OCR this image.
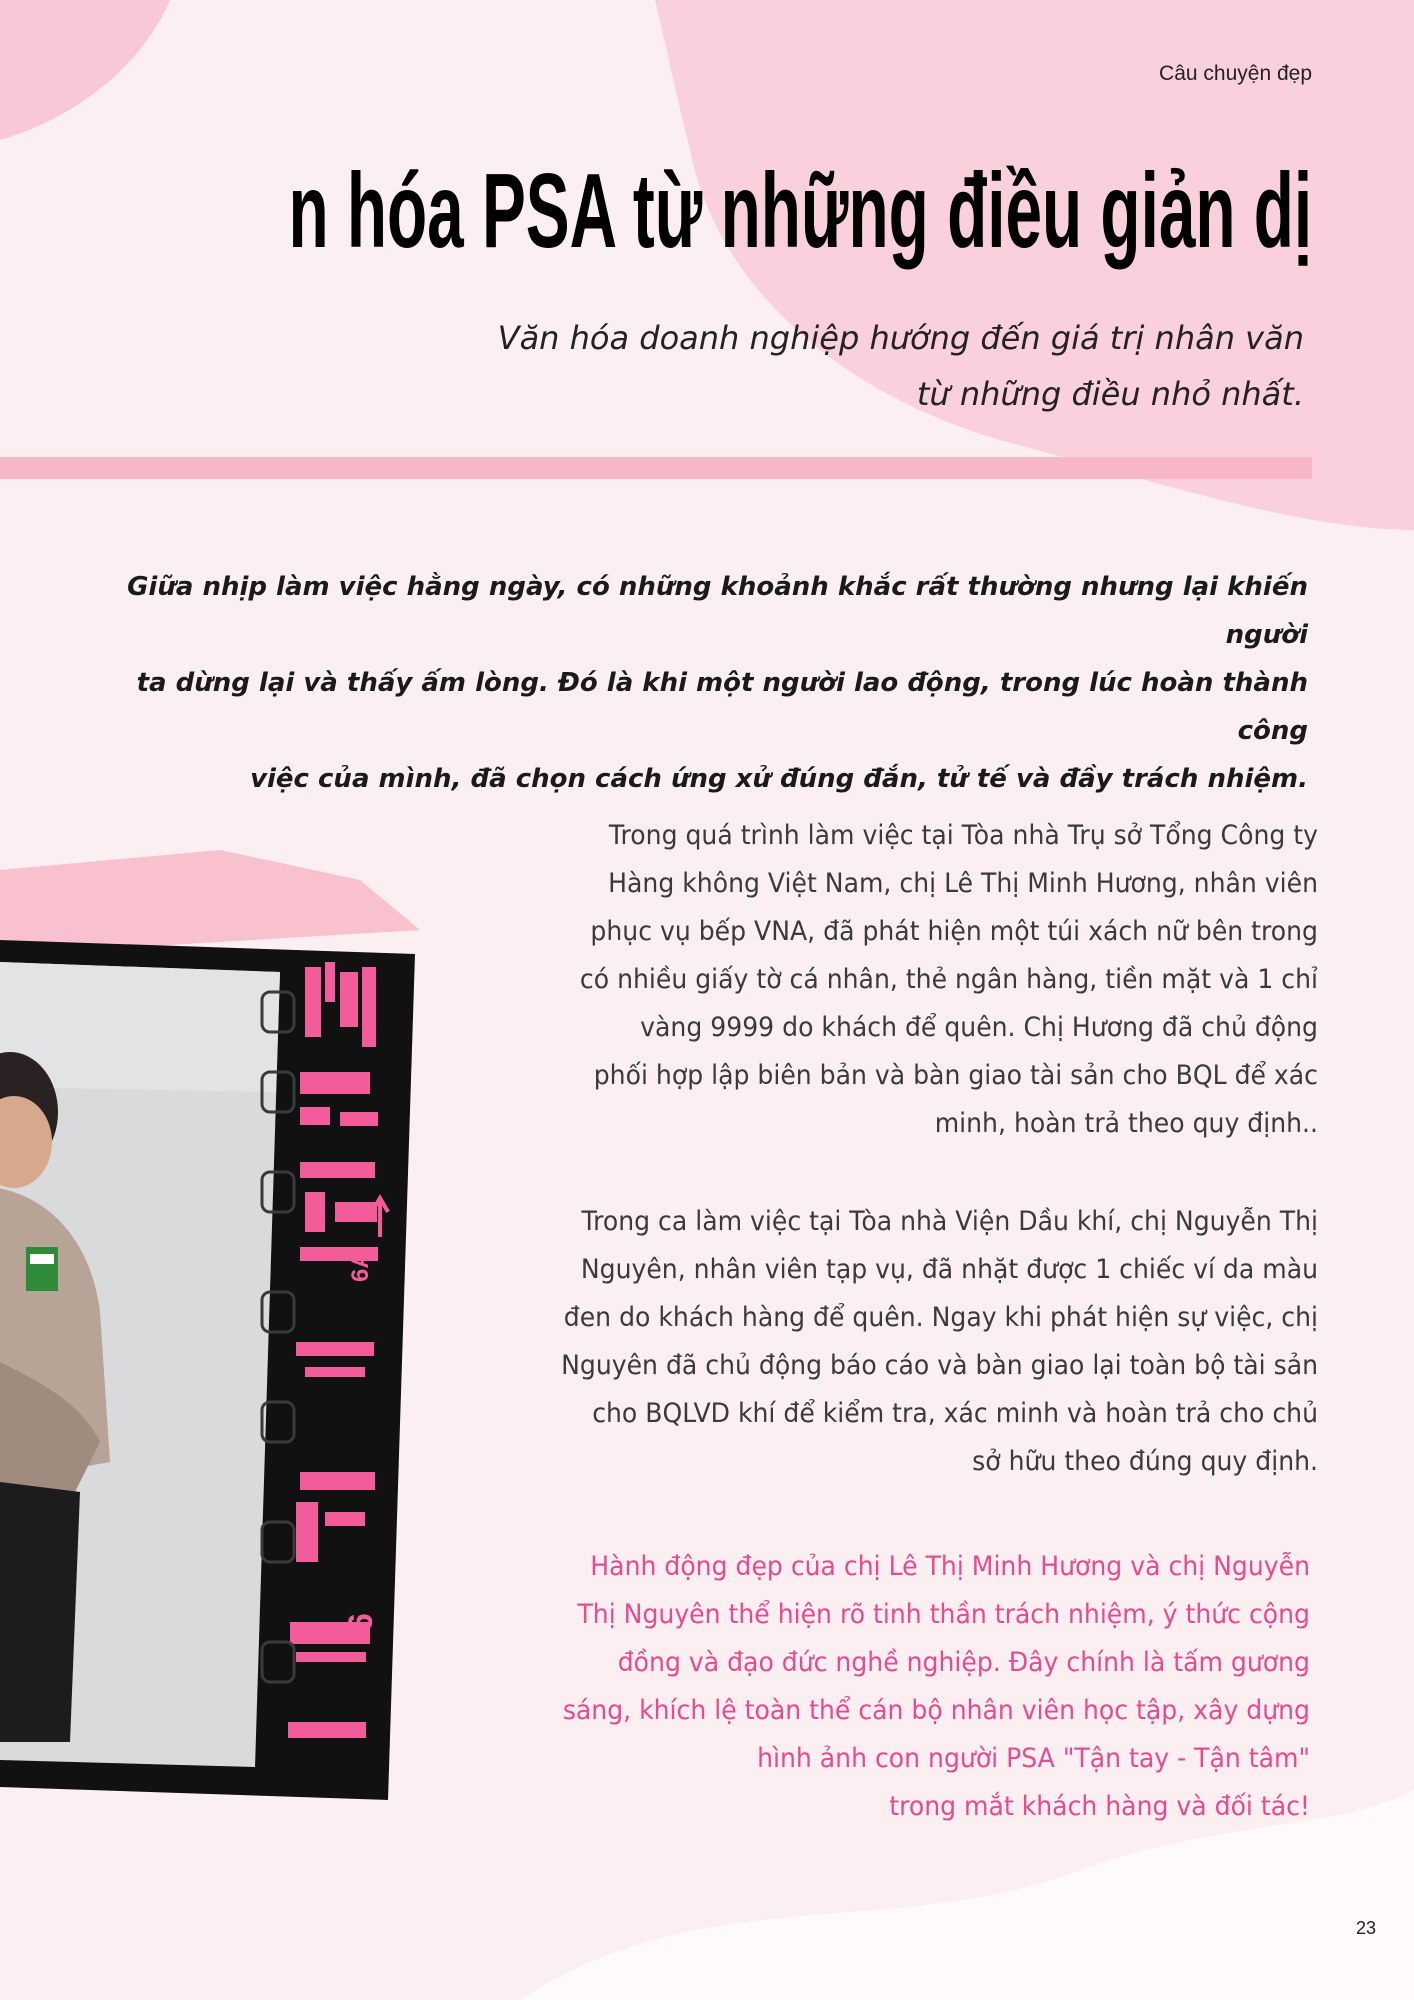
Câu chuyện đẹp
n hóa PSA từ những điều giản dị
Văn hóa doanh nghiệp hướng đến giá trị nhân văn
từ những điều nhỏ nhất.
Giữa nhịp làm việc hằng ngày, có những khoảnh khắc rất thường nhưng lại khiến người
ta dừng lại và thấy ấm lòng. Đó là khi một người lao động, trong lúc hoàn thành công
việc của mình, đã chọn cách ứng xử đúng đắn, tử tế và đầy trách nhiệm.
6A
6
Trong quá trình làm việc tại Tòa nhà Trụ sở Tổng Công ty
Hàng không Việt Nam, chị Lê Thị Minh Hương, nhân viên
phục vụ bếp VNA, đã phát hiện một túi xách nữ bên trong
có nhiều giấy tờ cá nhân, thẻ ngân hàng, tiền mặt và 1 chỉ
vàng 9999 do khách để quên. Chị Hương đã chủ động
phối hợp lập biên bản và bàn giao tài sản cho BQL để xác
minh, hoàn trả theo quy định..
Trong ca làm việc tại Tòa nhà Viện Dầu khí, chị Nguyễn Thị
Nguyên, nhân viên tạp vụ, đã nhặt được 1 chiếc ví da màu
đen do khách hàng để quên. Ngay khi phát hiện sự việc, chị
Nguyên đã chủ động báo cáo và bàn giao lại toàn bộ tài sản
cho BQLVD khí để kiểm tra, xác minh và hoàn trả cho chủ
sở hữu theo đúng quy định.
Hành động đẹp của chị Lê Thị Minh Hương và chị Nguyễn
Thị Nguyên thể hiện rõ tinh thần trách nhiệm, ý thức cộng
đồng và đạo đức nghề nghiệp. Đây chính là tấm gương
sáng, khích lệ toàn thể cán bộ nhân viên học tập, xây dựng
hình ảnh con người PSA "Tận tay - Tận tâm"
trong mắt khách hàng và đối tác!
23
